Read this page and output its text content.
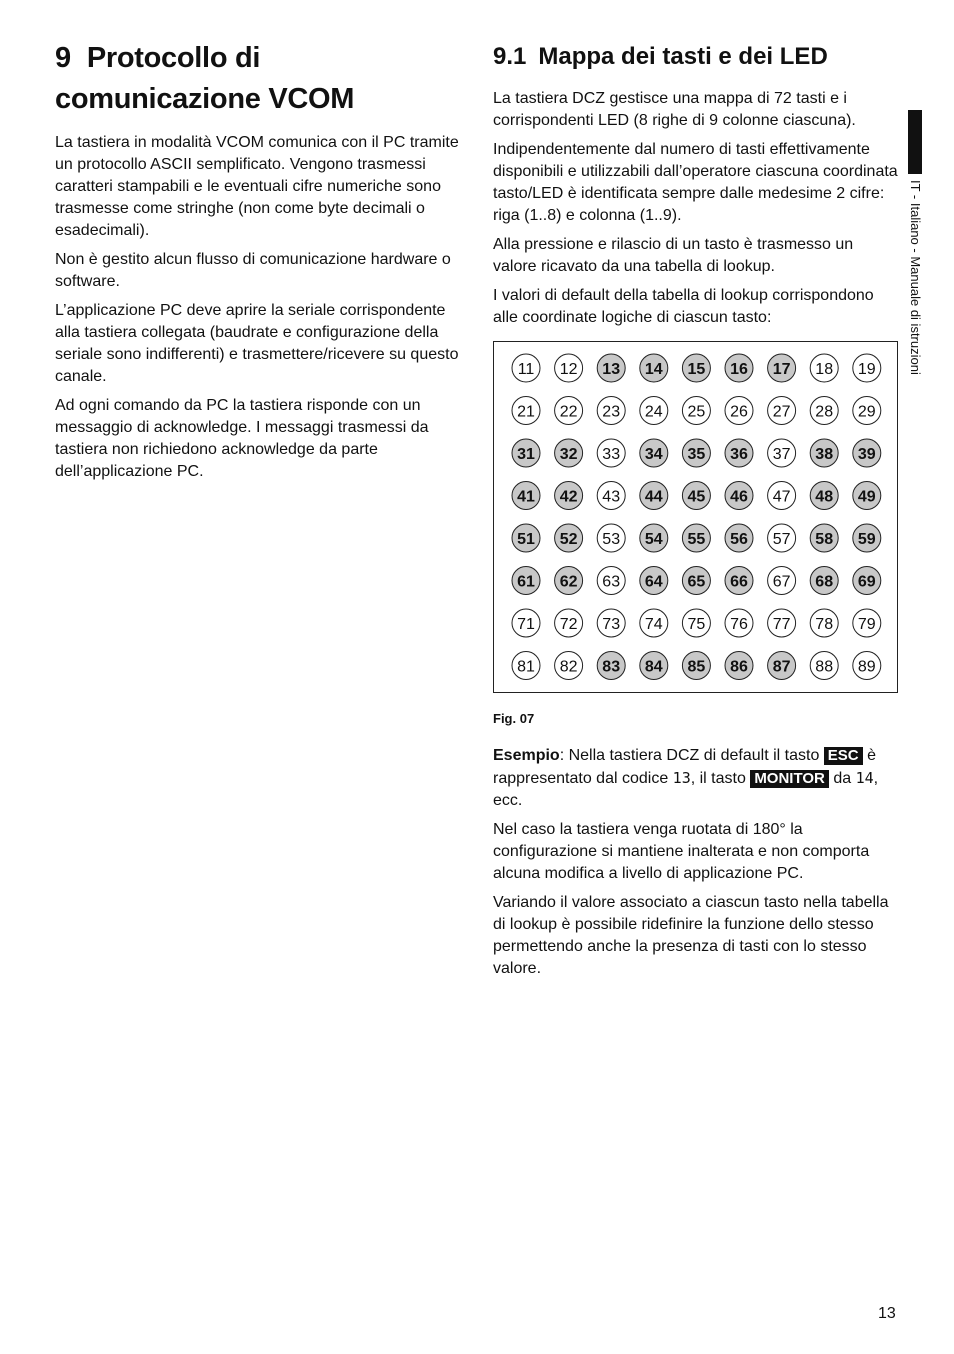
9 Protocollo di comunicazione VCOM

La tastiera in modalità VCOM comunica con il PC tramite un protocollo ASCII semplificato. Vengono trasmessi caratteri stampabili e le eventuali cifre numeriche sono trasmesse come stringhe (non come byte decimali o esadecimali).

Non è gestito alcun flusso di comunicazione hardware o software.

L’applicazione PC deve aprire la seriale corrispondente alla tastiera collegata (baudrate e configurazione della seriale sono indifferenti) e trasmettere/ricevere su questo canale.

Ad ogni comando da PC la tastiera risponde con un messaggio di acknowledge. I messaggi trasmessi da tastiera non richiedono acknowledge da parte dell’applicazione PC.

9.1 Mappa dei tasti e dei LED

La tastiera DCZ gestisce una mappa di 72 tasti e i corrispondenti LED (8 righe di 9 colonne ciascuna).

Indipendentemente dal numero di tasti effettivamente disponibili e utilizzabili dall’operatore ciascuna coordinata tasto/LED è identificata sempre dalle medesime 2 cifre: riga (1..8) e colonna (1..9).

Alla pressione e rilascio di un tasto è trasmesso un valore ricavato da una tabella di lookup.

I valori di default della tabella di lookup corrispondono alle coordinate logiche di ciascun tasto:

11 12 13 14 15 16 17 18 19
21 22 23 24 25 26 27 28 29
31 32 33 34 35 36 37 38 39
41 42 43 44 45 46 47 48 49
51 52 53 54 55 56 57 58 59
61 62 63 64 65 66 67 68 69
71 72 73 74 75 76 77 78 79
81 82 83 84 85 86 87 88 89
Fig. 07

Esempio: Nella tastiera DCZ di default il tasto ESC è rappresentato dal codice 13, il tasto MONITOR da 14, ecc.

Nel caso la tastiera venga ruotata di 180° la configurazione si mantiene inalterata e non comporta alcuna modifica a livello di applicazione PC.

Variando il valore associato a ciascun tasto nella tabella di lookup è possibile ridefinire la funzione dello stesso permettendo anche la presenza di tasti con lo stesso valore.

IT - Italiano - Manuale di istruzioni
13
